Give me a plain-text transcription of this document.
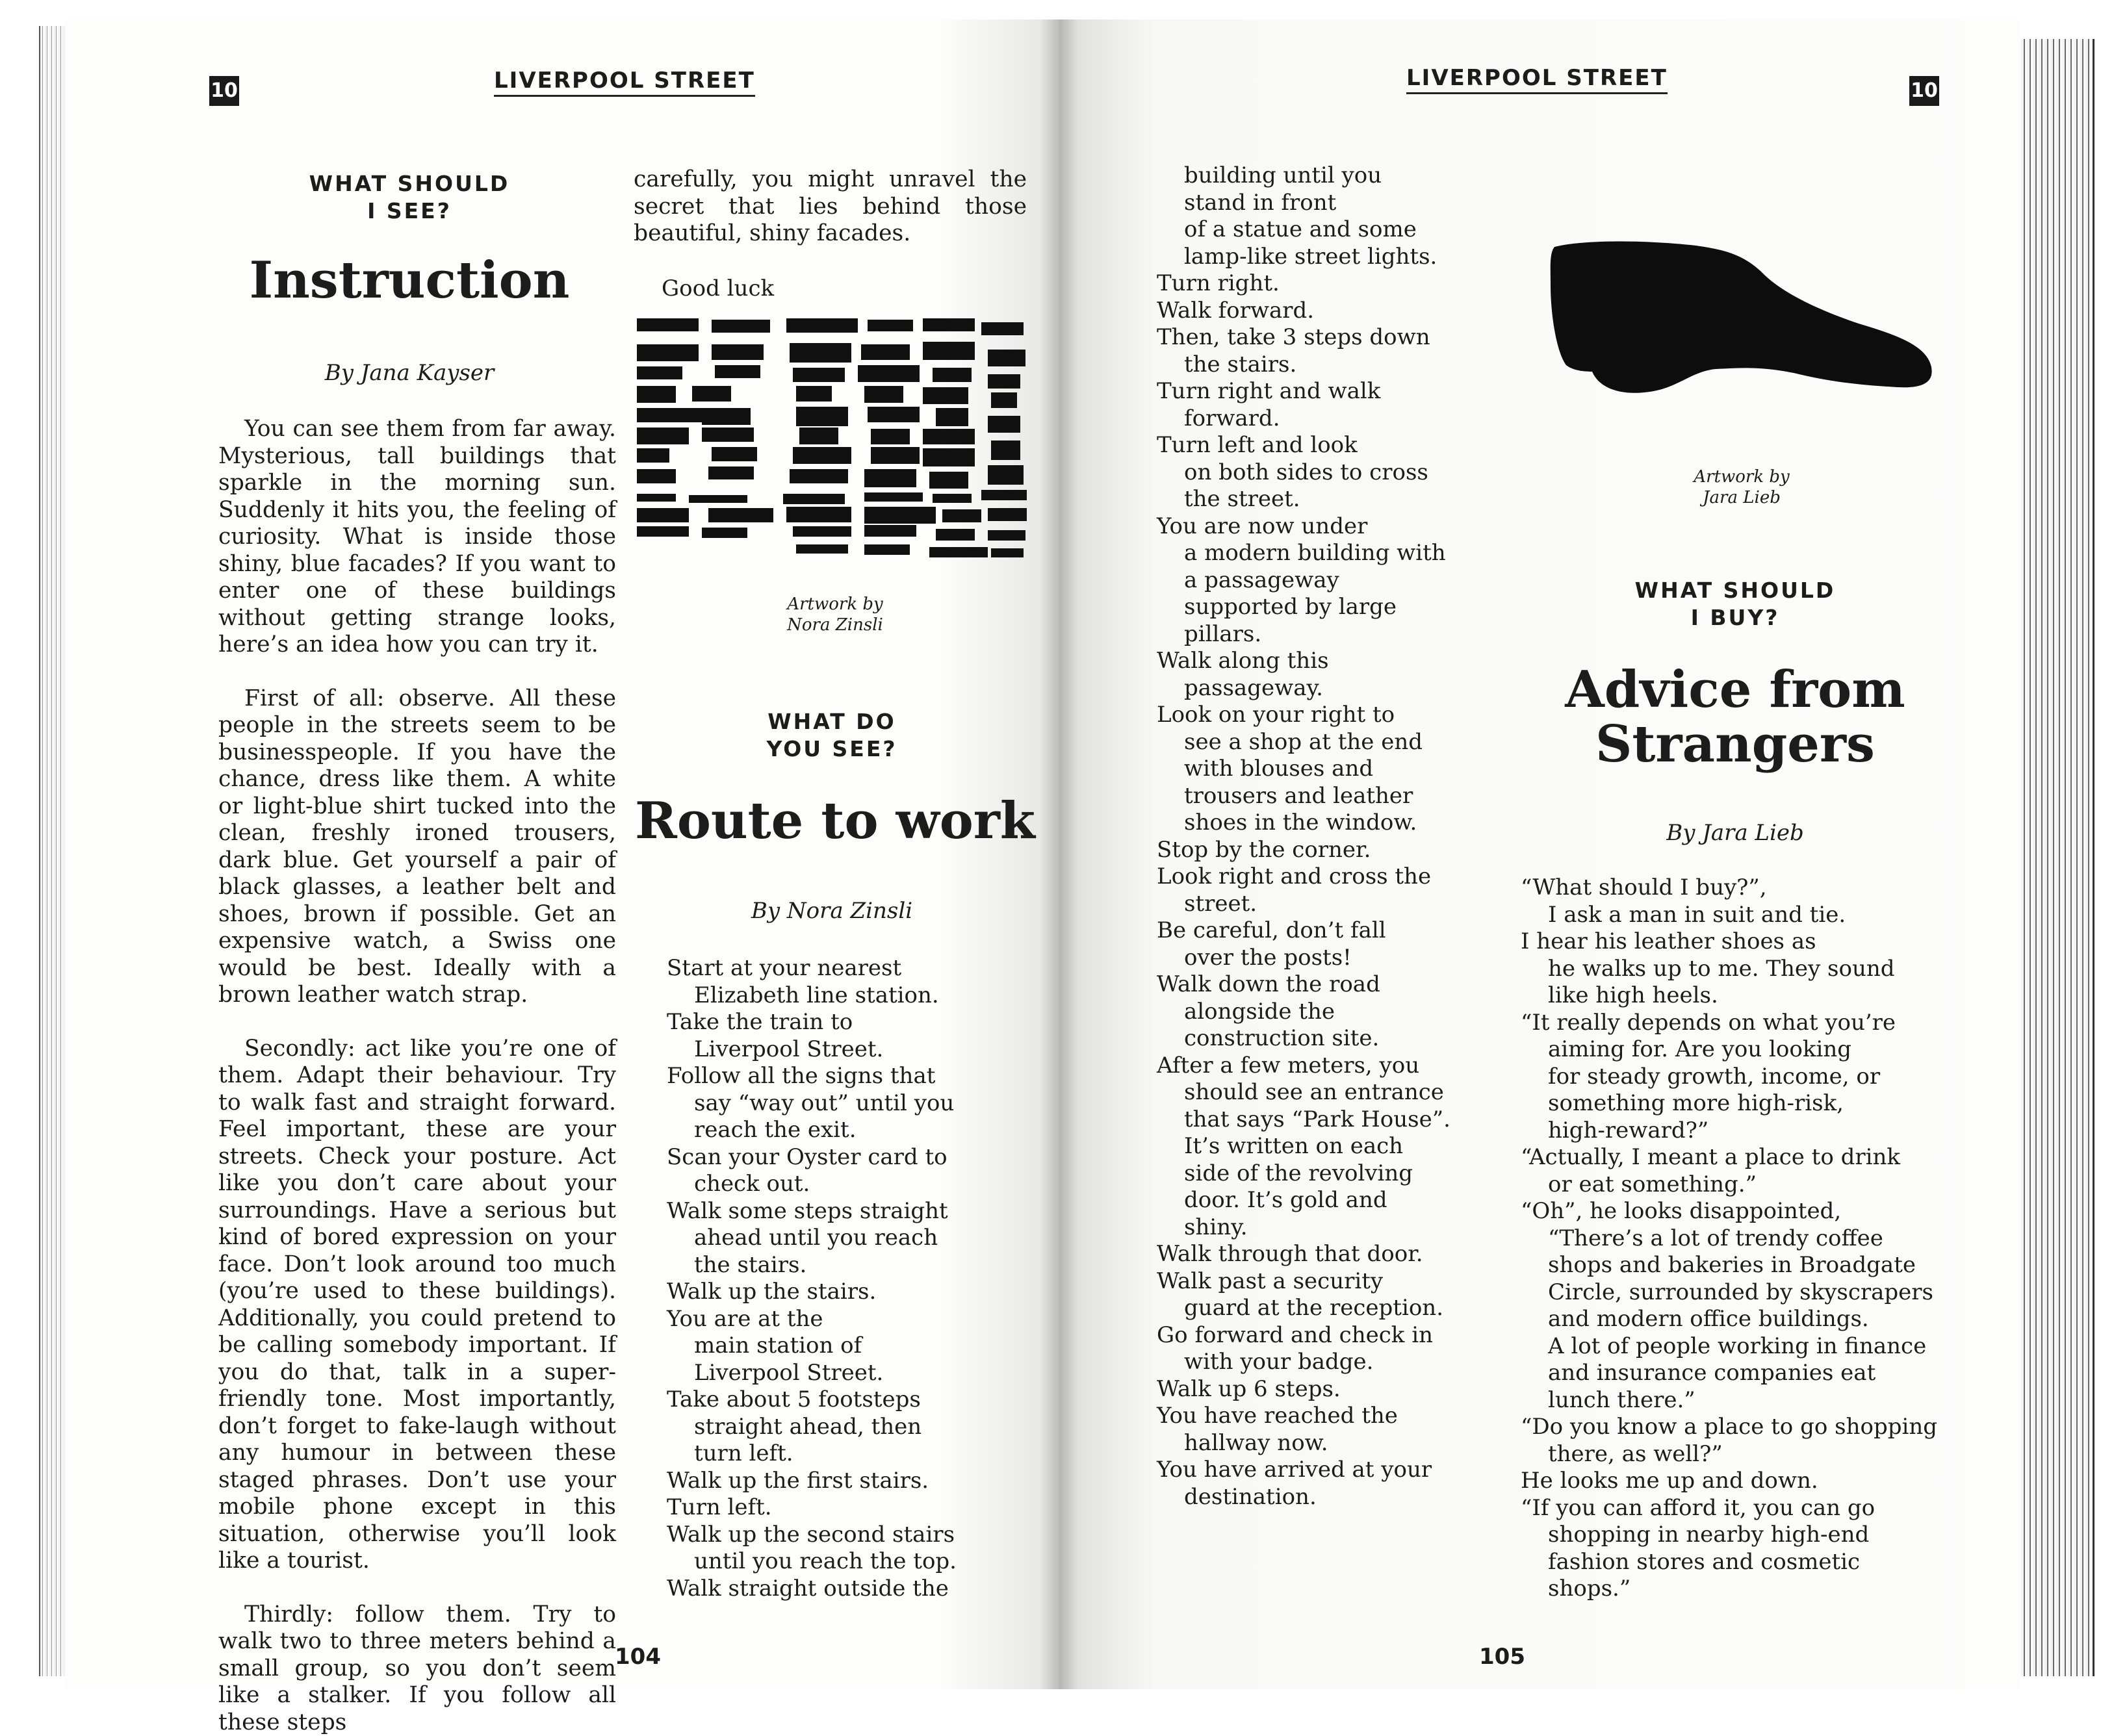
10	LIVERPOOL STREET
WHAT SHOULD
I SEE?
Instruction
By Jana Kayser

You can see them from far away. Mysterious, tall buildings that sparkle in the morning sun. Suddenly it hits you, the feeling of curiosity. What is inside those shiny, blue facades? If you want to enter one of these buildings without getting strange looks, here’s an idea how you can try it.

First of all: observe. All these people in the streets seem to be businesspeople. If you have the chance, dress like them. A white or light-blue shirt tucked into the clean, freshly ironed trousers, dark blue. Get yourself a pair of black glasses, a leather belt and shoes, brown if possible. Get an expensive watch, a Swiss one would be best. Ideally with a brown leather watch strap.

Secondly: act like you’re one of them. Adapt their behaviour. Try to walk fast and straight forward. Feel important, these are your streets. Check your posture. Act like you don’t care about your surroundings. Have a serious but kind of bored expression on your face. Don’t look around too much (you’re used to these buildings). Additionally, you could pretend to be calling somebody important. If you do that, talk in a super-friendly tone. Most importantly, don’t forget to fake-laugh without any humour in between these staged phrases. Don’t use your mobile phone except in this situation, otherwise you’ll look like a tourist.

Thirdly: follow them. Try to walk two to three meters behind a small group, so you don’t seem like a stalker. If you follow all these steps

carefully, you might unravel the secret that lies behind those beautiful, shiny facades.

Good luck
Artwork by
Nora Zinsli
WHAT DO
YOU SEE?
Route to work
By Nora Zinsli
Start at your nearest
Elizabeth line station.
Take the train to
Liverpool Street.
Follow all the signs that
say “way out” until you
reach the exit.
Scan your Oyster card to
check out.
Walk some steps straight
ahead until you reach
the stairs.
Walk up the stairs.
You are at the
main station of
Liverpool Street.
Take about 5 footsteps
straight ahead, then
turn left.
Walk up the first stairs.
Turn left.
Walk up the second stairs
until you reach the top.
Walk straight outside the
104
LIVERPOOL STREET	10
building until you
stand in front
of a statue and some
lamp-like street lights.
Turn right.
Walk forward.
Then, take 3 steps down
the stairs.
Turn right and walk
forward.
Turn left and look
on both sides to cross
the street.
You are now under
a modern building with
a passageway
supported by large
pillars.
Walk along this
passageway.
Look on your right to
see a shop at the end
with blouses and
trousers and leather
shoes in the window.
Stop by the corner.
Look right and cross the
street.
Be careful, don’t fall
over the posts!
Walk down the road
alongside the
construction site.
After a few meters, you
should see an entrance
that says “Park House”.
It’s written on each
side of the revolving
door. It’s gold and
shiny.
Walk through that door.
Walk past a security
guard at the reception.
Go forward and check in
with your badge.
Walk up 6 steps.
You have reached the
hallway now.
You have arrived at your
destination.
Artwork by
Jara Lieb
WHAT SHOULD
I BUY?
Advice from
Strangers
By Jara Lieb
“What should I buy?”,
I ask a man in suit and tie.
I hear his leather shoes as
he walks up to me. They sound
like high heels.
“It really depends on what you’re
aiming for. Are you looking
for steady growth, income, or
something more high-risk,
high-reward?”
“Actually, I meant a place to drink
or eat something.”
“Oh”, he looks disappointed,
“There’s a lot of trendy coffee
shops and bakeries in Broadgate
Circle, surrounded by skyscrapers
and modern office buildings.
A lot of people working in finance
and insurance companies eat
lunch there.”
“Do you know a place to go shopping
there, as well?”
He looks me up and down.
“If you can afford it, you can go
shopping in nearby high-end
fashion stores and cosmetic
shops.”
105
